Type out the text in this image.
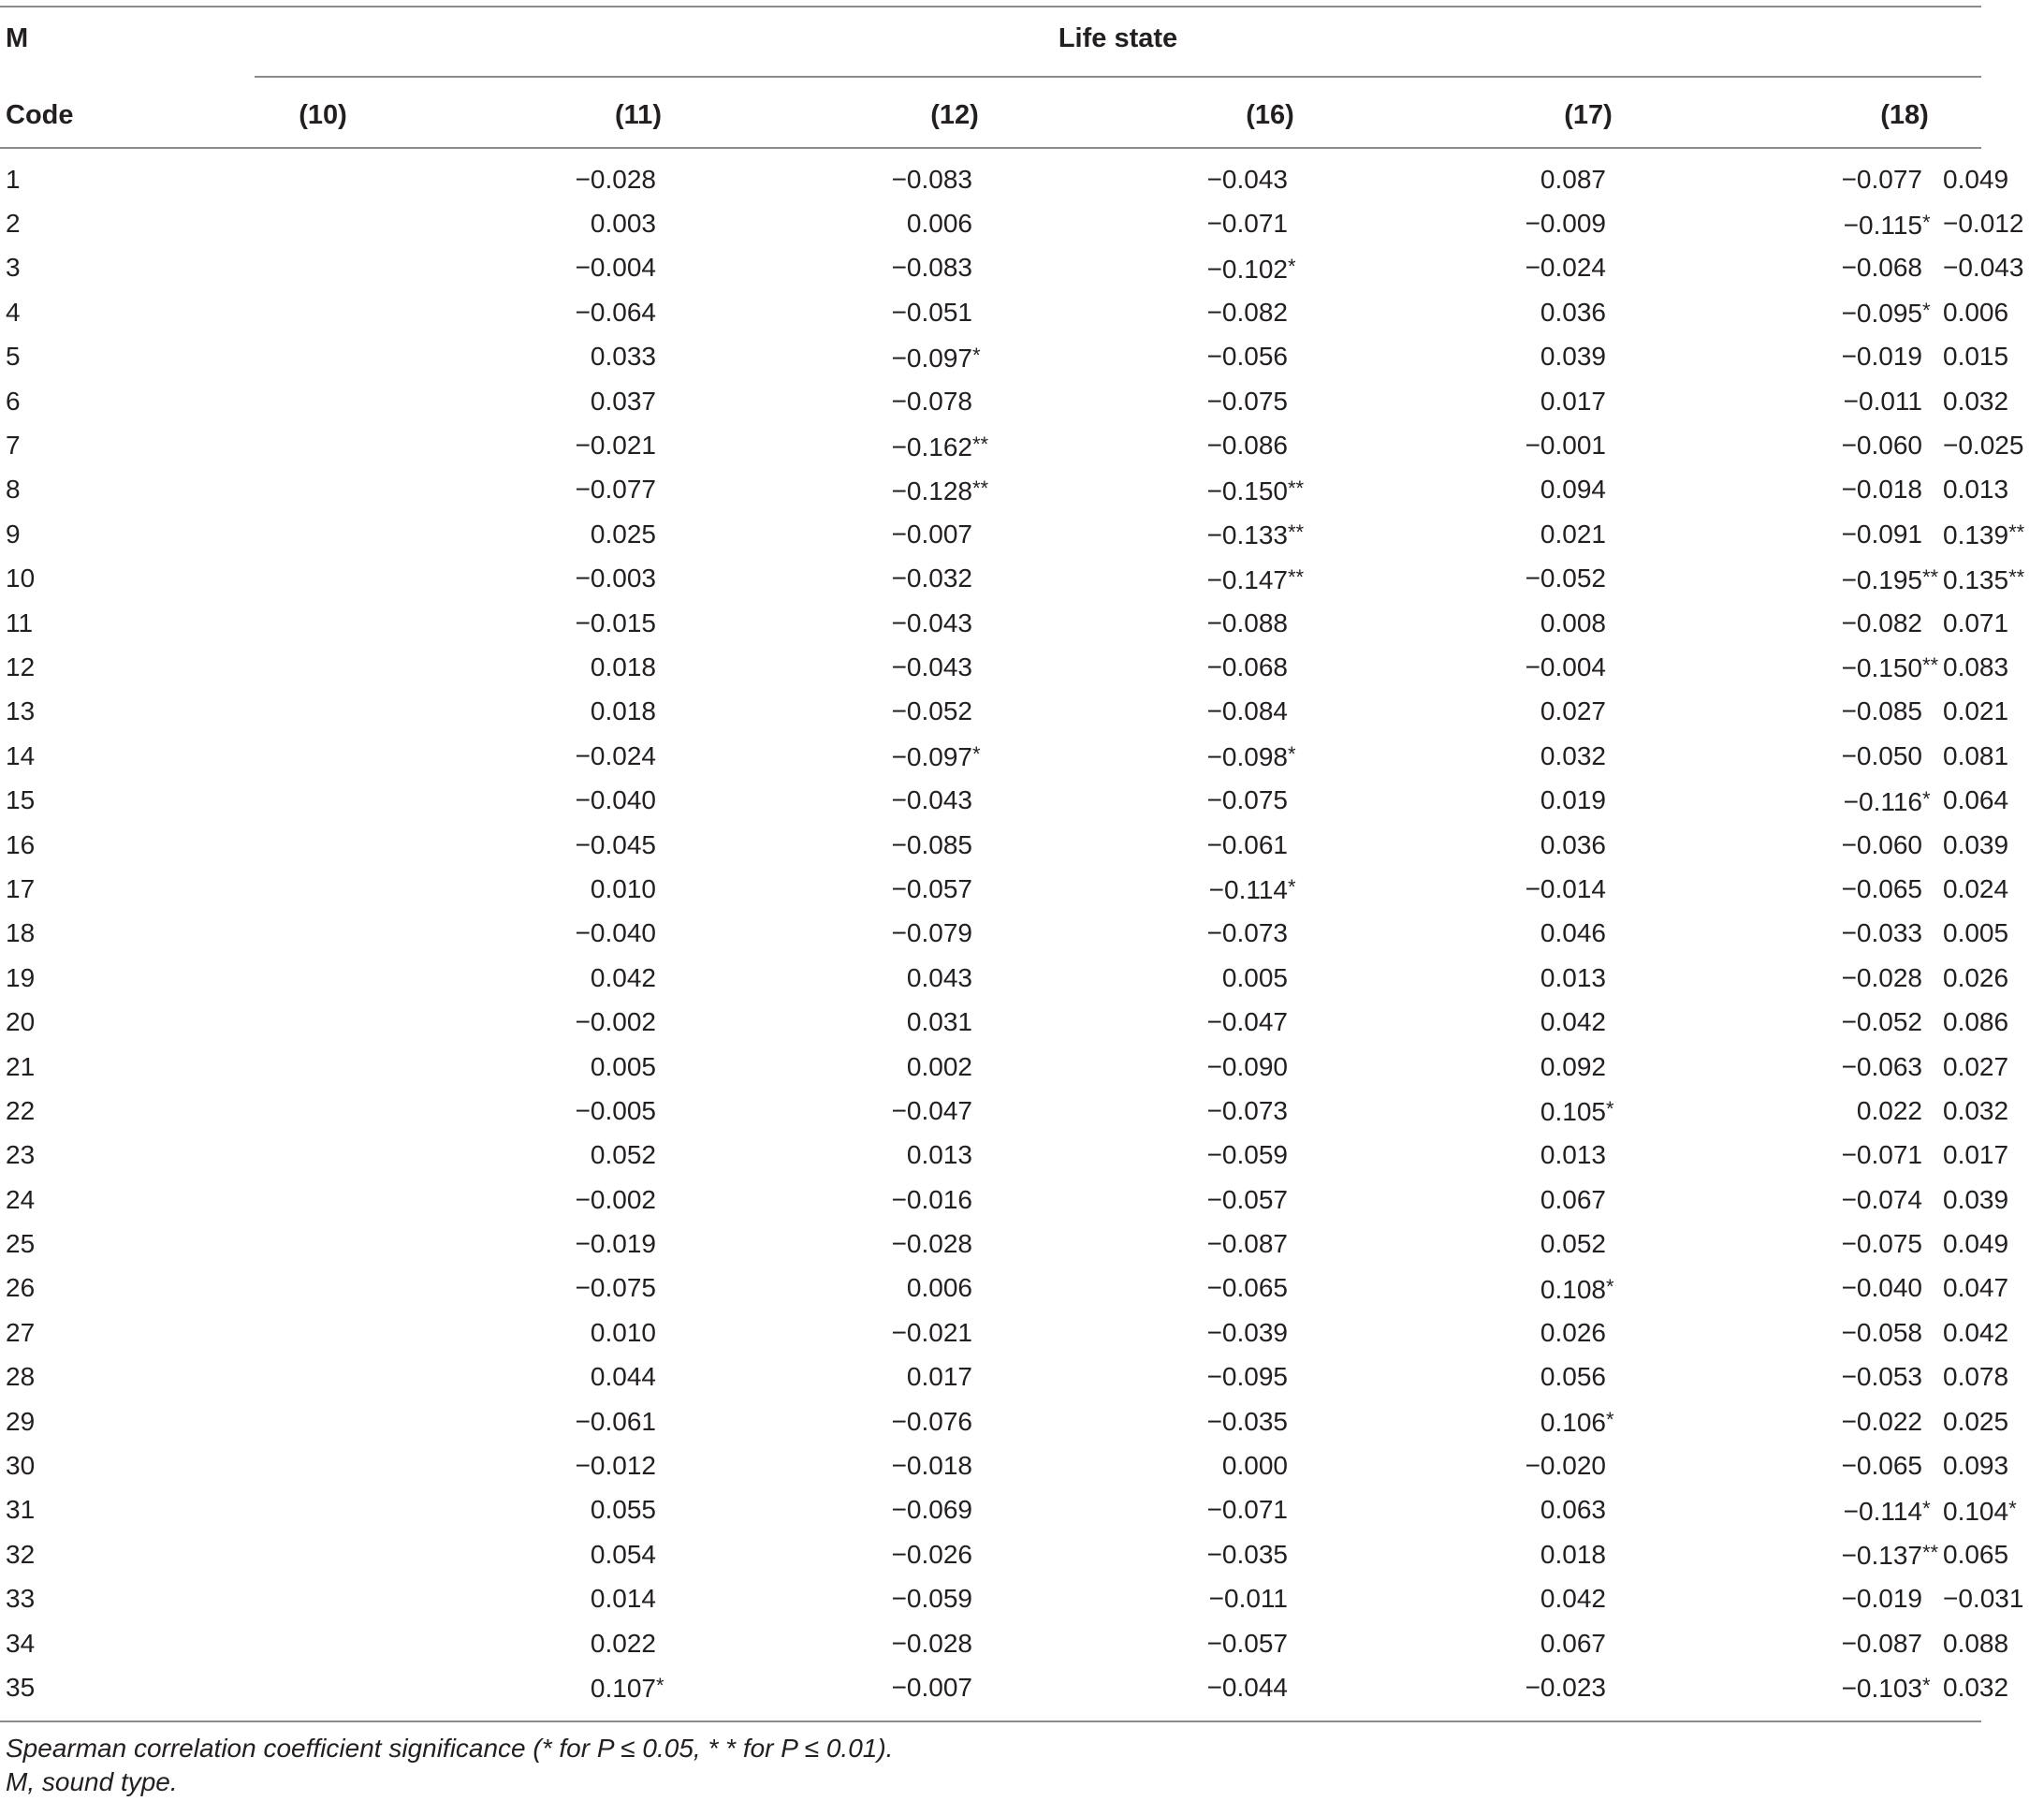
M	Life state
Code	(10)	(11)	(12)	(16)	(17)	(18)
1		−0.028	−0.083	−0.043	0.087	−0.077	0.049	
2		0.003	0.006	−0.071	−0.009	−0.115*	−0.012	
3		−0.004	−0.083	−0.102*	−0.024	−0.068	−0.043	
4		−0.064	−0.051	−0.082	0.036	−0.095*	0.006	
5		0.033	−0.097*	−0.056	0.039	−0.019	0.015	
6		0.037	−0.078	−0.075	0.017	−0.011	0.032	
7		−0.021	−0.162**	−0.086	−0.001	−0.060	−0.025	
8		−0.077	−0.128**	−0.150**	0.094	−0.018	0.013	
9		0.025	−0.007	−0.133**	0.021	−0.091	0.139**	
10		−0.003	−0.032	−0.147**	−0.052	−0.195**	0.135**	
11		−0.015	−0.043	−0.088	0.008	−0.082	0.071	
12		0.018	−0.043	−0.068	−0.004	−0.150**	0.083	
13		0.018	−0.052	−0.084	0.027	−0.085	0.021	
14		−0.024	−0.097*	−0.098*	0.032	−0.050	0.081	
15		−0.040	−0.043	−0.075	0.019	−0.116*	0.064	
16		−0.045	−0.085	−0.061	0.036	−0.060	0.039	
17		0.010	−0.057	−0.114*	−0.014	−0.065	0.024	
18		−0.040	−0.079	−0.073	0.046	−0.033	0.005	
19		0.042	0.043	0.005	0.013	−0.028	0.026	
20		−0.002	0.031	−0.047	0.042	−0.052	0.086	
21		0.005	0.002	−0.090	0.092	−0.063	0.027	
22		−0.005	−0.047	−0.073	0.105*	0.022	0.032	
23		0.052	0.013	−0.059	0.013	−0.071	0.017	
24		−0.002	−0.016	−0.057	0.067	−0.074	0.039	
25		−0.019	−0.028	−0.087	0.052	−0.075	0.049	
26		−0.075	0.006	−0.065	0.108*	−0.040	0.047	
27		0.010	−0.021	−0.039	0.026	−0.058	0.042	
28		0.044	0.017	−0.095	0.056	−0.053	0.078	
29		−0.061	−0.076	−0.035	0.106*	−0.022	0.025	
30		−0.012	−0.018	0.000	−0.020	−0.065	0.093	
31		0.055	−0.069	−0.071	0.063	−0.114*	0.104*	
32		0.054	−0.026	−0.035	0.018	−0.137**	0.065	
33		0.014	−0.059	−0.011	0.042	−0.019	−0.031	
34		0.022	−0.028	−0.057	0.067	−0.087	0.088	
35		0.107*	−0.007	−0.044	−0.023	−0.103*	0.032	
Spearman correlation coefficient significance (* for P ≤ 0.05, * * for P ≤ 0.01).
M, sound type.
